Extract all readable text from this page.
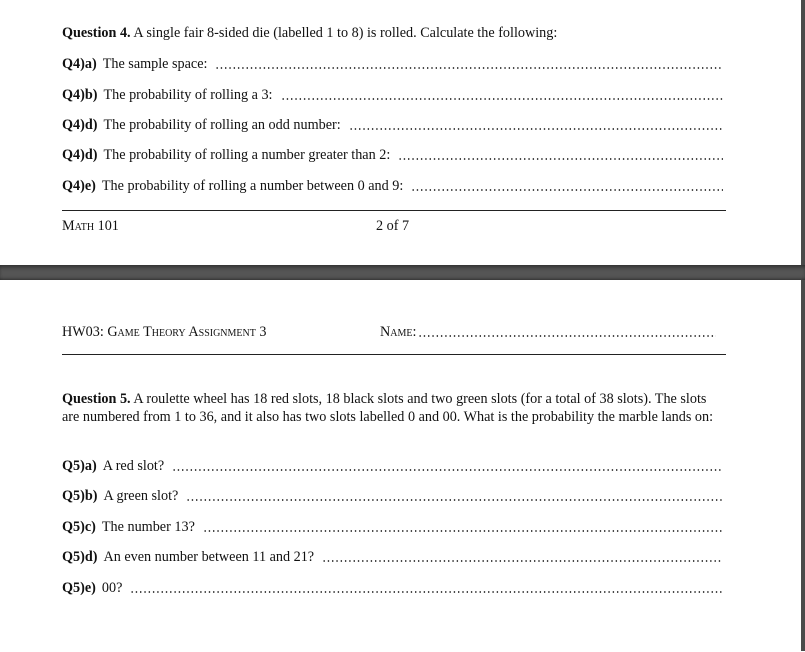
Question 4. A single fair 8-sided die (labelled 1 to 8) is rolled. Calculate the following:
Q4)a) The sample space:
Q4)b) The probability of rolling a 3:
Q4)d) The probability of rolling an odd number:
Q4)d) The probability of rolling a number greater than 2:
Q4)e) The probability of rolling a number between 0 and 9:
Math 101	2 of 7
HW03: Game Theory Assignment 3	Name:
Question 5. A roulette wheel has 18 red slots, 18 black slots and two green slots (for a total of 38 slots). The slots are numbered from 1 to 36, and it also has two slots labelled 0 and 00. What is the probability the marble lands on:
Q5)a) A red slot?
Q5)b) A green slot?
Q5)c) The number 13?
Q5)d) An even number between 11 and 21?
Q5)e) 00?
